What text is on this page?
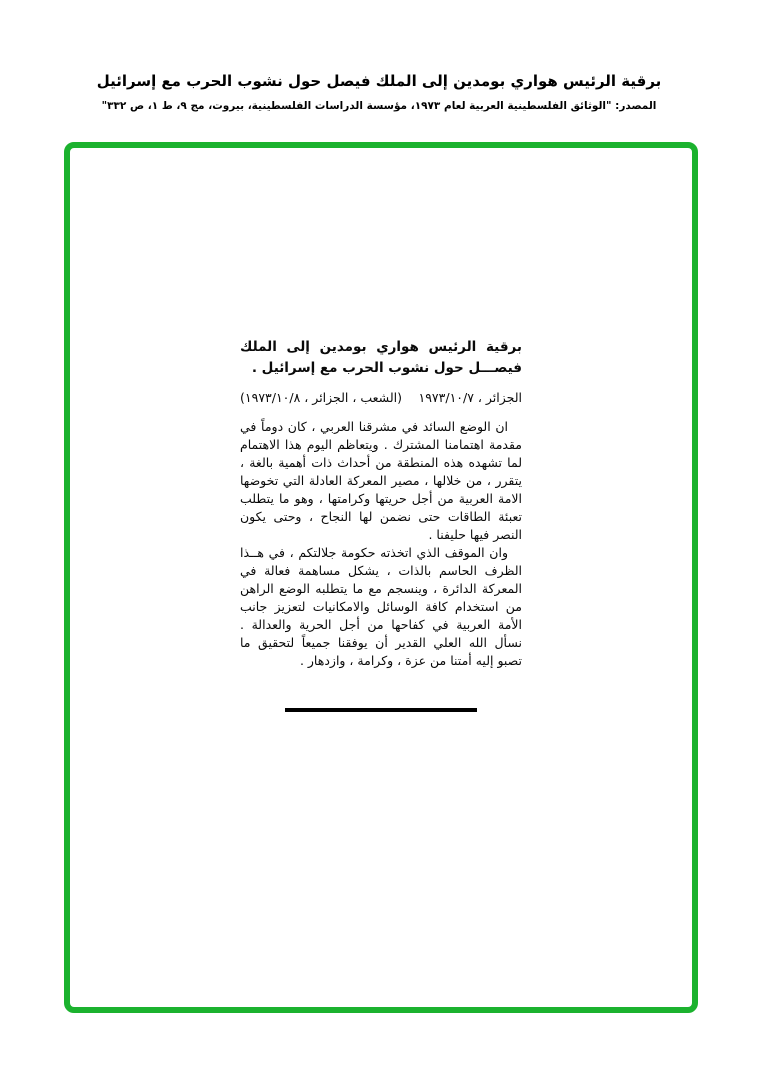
برقية الرئيس هواري بومدين إلى الملك فيصل حول نشوب الحرب مع إسرائيل
المصدر: "الوثائق الفلسطينية العربية لعام ١٩٧٣، مؤسسة الدراسات الفلسطينية، بيروت، مج ٩، ط ١، ص ٣٣٢"
برقية الرئيس هواري بومدين إلى الملك فيصـــل حول نشوب الحرب مع إسرائيل .
الجزائر ، ١٩٧٣/١٠/٧
(الشعب ، الجزائر ، ١٩٧٣/١٠/٨)

ان الوضع السائد في مشرقنا العربي ، كان دوماً في مقدمة اهتمامنا المشترك . ويتعاظم اليوم هذا الاهتمام لما تشهده هذه المنطقة من أحداث ذات أهمية بالغة ، يتقرر ، من خلالها ، مصير المعركة العادلة التي تخوضها الامة العربية من أجل حريتها وكرامتها ، وهو ما يتطلب تعبئة الطاقات حتى نضمن لها النجاح ، وحتى يكون النصر فيها حليفنا .

وان الموقف الذي اتخذته حكومة جلالتكم ، في هــذا الظرف الحاسم بالذات ، يشكل مساهمة فعالة في المعركة الدائرة ، وينسجم مع ما يتطلبه الوضع الراهن من استخدام كافة الوسائل والامكانيات لتعزيز جانب الأمة العربية في كفاحها من أجل الحرية والعدالة . نسأل الله العلي القدير أن يوفقنا جميعاً لتحقيق ما تصبو إليه أمتنا من عزة ، وكرامة ، وازدهار .
